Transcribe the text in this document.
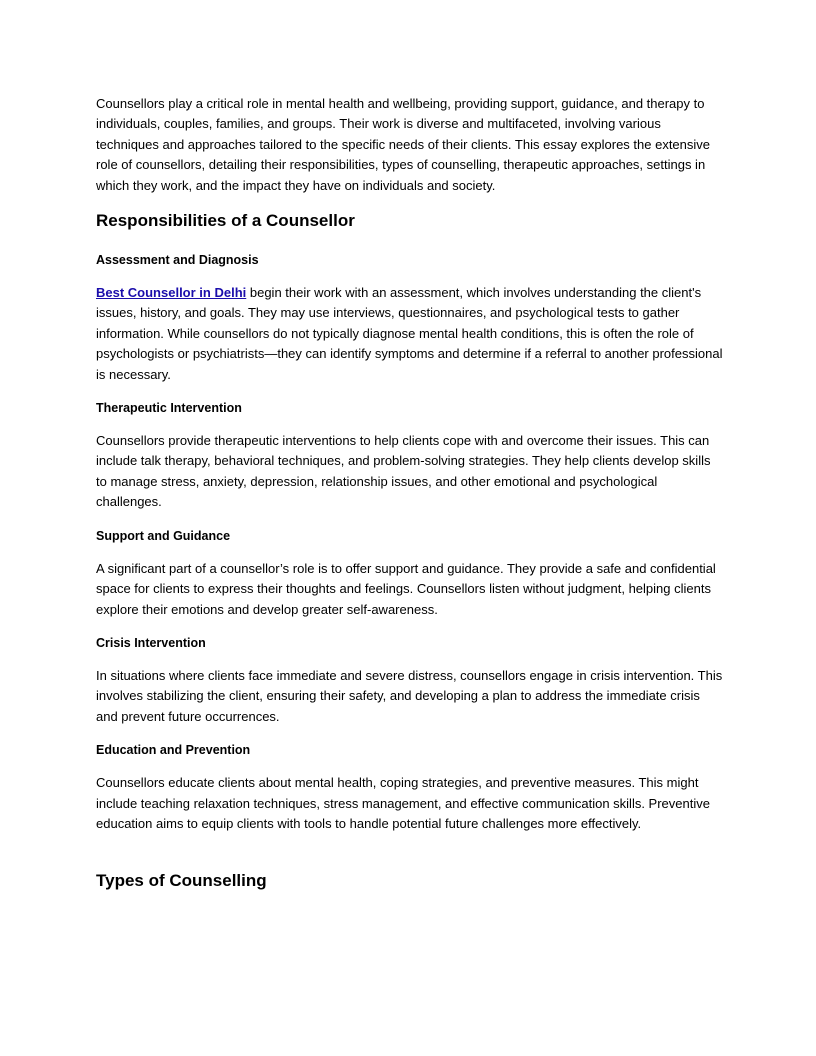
Counsellors play a critical role in mental health and wellbeing, providing support, guidance, and therapy to individuals, couples, families, and groups. Their work is diverse and multifaceted, involving various techniques and approaches tailored to the specific needs of their clients. This essay explores the extensive role of counsellors, detailing their responsibilities, types of counselling, therapeutic approaches, settings in which they work, and the impact they have on individuals and society.

Responsibilities of a Counsellor
Assessment and Diagnosis

Best Counsellor in Delhi begin their work with an assessment, which involves understanding the client's issues, history, and goals. They may use interviews, questionnaires, and psychological tests to gather information. While counsellors do not typically diagnose mental health conditions, this is often the role of psychologists or psychiatrists—they can identify symptoms and determine if a referral to another professional is necessary.

Therapeutic Intervention

Counsellors provide therapeutic interventions to help clients cope with and overcome their issues. This can include talk therapy, behavioral techniques, and problem-solving strategies. They help clients develop skills to manage stress, anxiety, depression, relationship issues, and other emotional and psychological challenges.

Support and Guidance

A significant part of a counsellor’s role is to offer support and guidance. They provide a safe and confidential space for clients to express their thoughts and feelings. Counsellors listen without judgment, helping clients explore their emotions and develop greater self-awareness.

Crisis Intervention

In situations where clients face immediate and severe distress, counsellors engage in crisis intervention. This involves stabilizing the client, ensuring their safety, and developing a plan to address the immediate crisis and prevent future occurrences.

Education and Prevention

Counsellors educate clients about mental health, coping strategies, and preventive measures. This might include teaching relaxation techniques, stress management, and effective communication skills. Preventive education aims to equip clients with tools to handle potential future challenges more effectively.

Types of Counselling
